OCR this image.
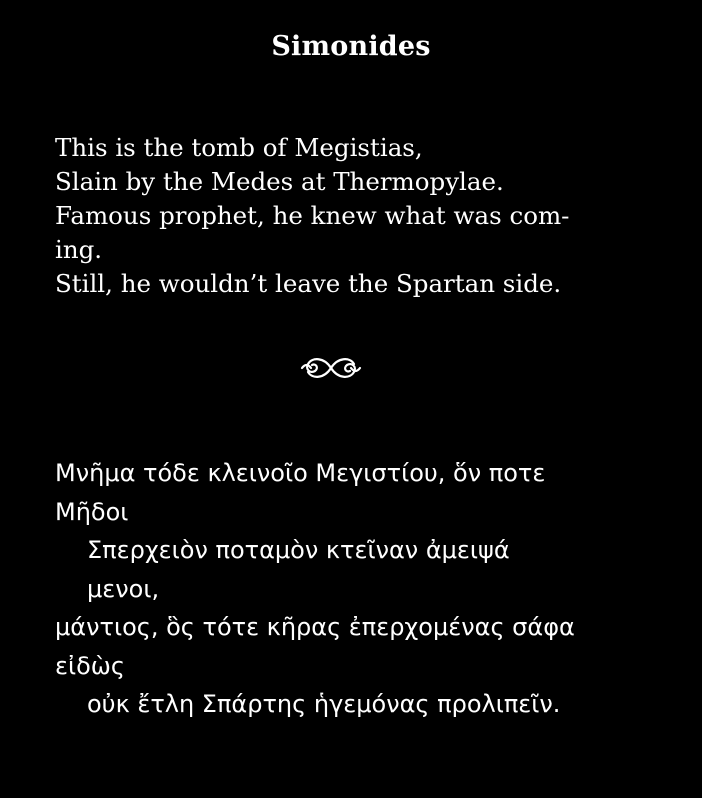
Simonides
This is the tomb of Megistias,
Slain by the Medes at Thermopylae.
Famous prophet, he knew what was com-
ing.
Still, he wouldn’t leave the Spartan side.
Μνῆμα τόδε κλεινοῖο Μεγιστίου, ὅν ποτε
Μῆδοι
Σπερχειὸν ποταμὸν κτεῖναν ἀμειψά
μενοι,
μάντιος, ὃς τότε κῆρας ἐπερχομένας σάφα
εἰδὼς
οὐκ ἔτλη Σπάρτης ἡγεμόνας προλιπεῖν.
